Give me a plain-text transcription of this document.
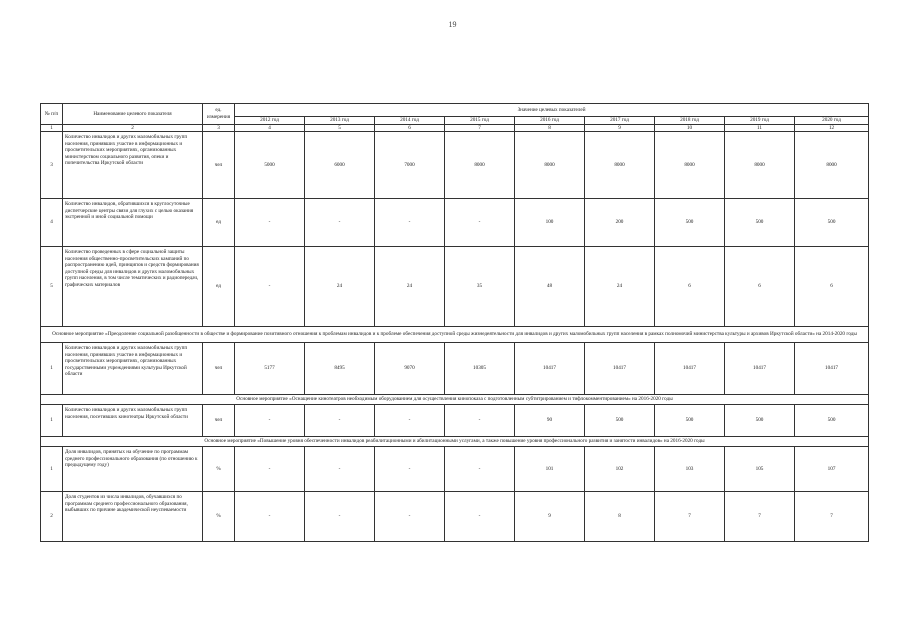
19
№ п/п	Наименование целевого показателя	ед. измерения	Значение целевых показателей								
			2012 год	2013 год	2014 год	2015 год	2016 год	2017 год	2018 год	2019 год	2020 год
1	2	3	4	5	6	7	8	9	10	11	12
3	Количество инвалидов и других маломобильных групп населения, принявших участие в информационных и просветительских мероприятиях, организованных министерством социального развития, опеки и попечительства Иркутской области	чел	5000	6000	7000	8000	8000	8000	8000	8000	8000
4	Количество инвалидов, обратившихся в круглосуточные диспетчерские центры связи для глухих с целью оказания экстренной и иной социальной помощи	ед	-	-	-	-	100	200	500	500	500
5	Количество проведенных в сфере социальной защиты населения общественно-просветительских кампаний по распространению идей, принципов и средств формирования доступной среды для инвалидов и других маломобильных групп населения, в том числе тематических и радиопередач, графических материалов	ед	-	24	24	35	48	24	6	6	6
Основное мероприятие «Преодоление социальной разобщенности в обществе и формирование позитивного отношения к проблемам инвалидов и к проблеме обеспечения доступной среды жизнедеятельности для инвалидов и других маломобильных групп населения в рамках полномочий министерства культуры и архивов Иркутской области» на 2014-2020 годы											
1	Количество инвалидов и других маломобильных групп населения, принявших участие в информационных и просветительских мероприятиях, организованных государственными учреждениями культуры Иркутской области	чел	5177	8495	9070	10305	10417	10417	10417	10417	10417
Основное мероприятие «Оснащение кинотеатров необходимым оборудованием для осуществления кинопоказа с подготовленным субтитрированием и тифлокомментированием» на 2016-2020 годы											
1	Количество инвалидов и других маломобильных групп населения, посетивших кинотеатры Иркутской области	чел	-	-	-	-	90	500	500	500	500
Основное мероприятие «Повышение уровня обеспеченности инвалидов реабилитационными и абилитационными услугами, а также повышение уровня профессионального развития и занятости инвалидов» на 2016-2020 годы											
1	Доля инвалидов, принятых на обучение по программам среднего профессионального образования (по отношению к предыдущему году)	%	-	-	-	-	101	102	103	105	107
2	Доля студентов из числа инвалидов, обучавшихся по программам среднего профессионального образования, выбывших по причине академической неуспеваемости	%	-	-	-	-	9	8	7	7	7
